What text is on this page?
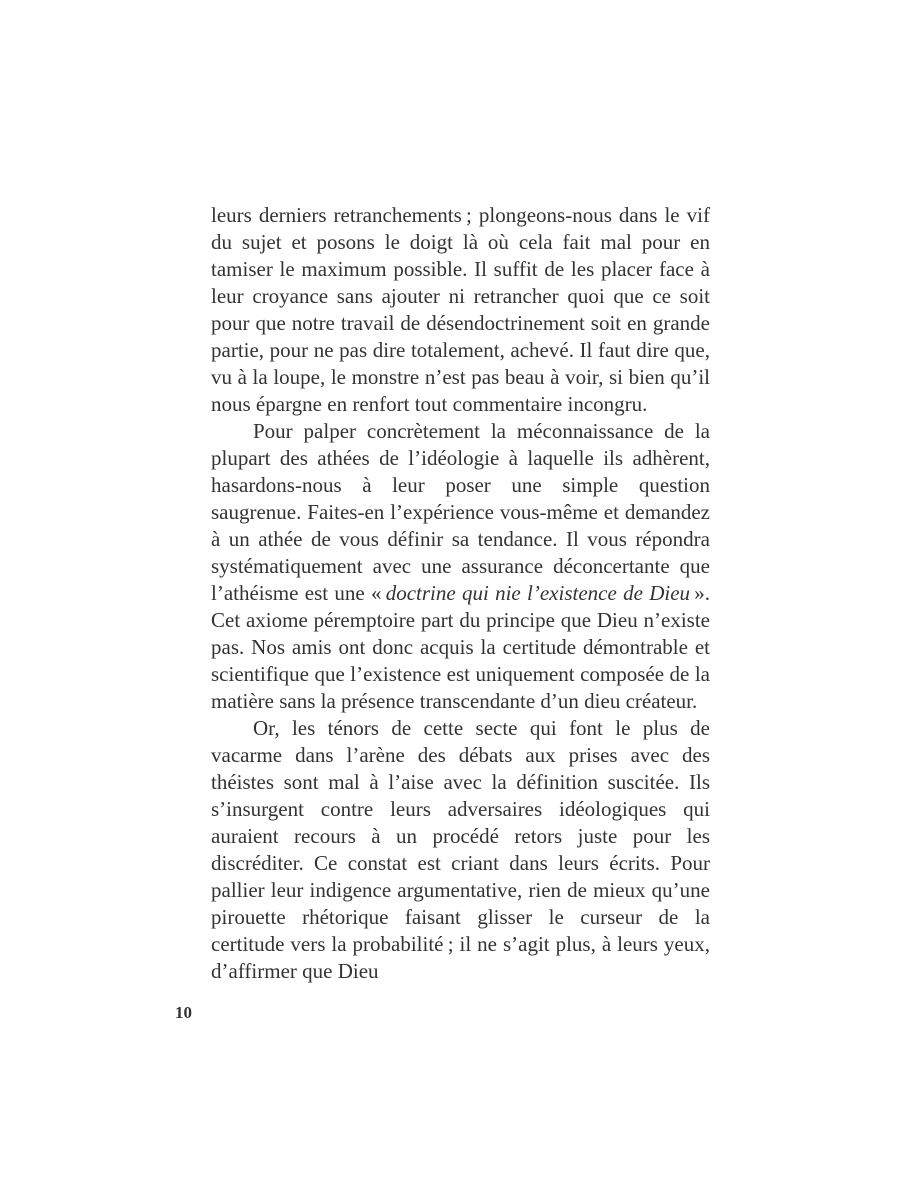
leurs derniers retranchements ; plongeons-nous dans le vif du sujet et posons le doigt là où cela fait mal pour en tamiser le maximum possible. Il suffit de les placer face à leur croyance sans ajouter ni retrancher quoi que ce soit pour que notre travail de désendoctrinement soit en grande partie, pour ne pas dire totalement, achevé. Il faut dire que, vu à la loupe, le monstre n’est pas beau à voir, si bien qu’il nous épargne en renfort tout commentaire incongru.

Pour palper concrètement la méconnaissance de la plupart des athées de l’idéologie à laquelle ils adhèrent, hasardons-nous à leur poser une simple question saugrenue. Faites-en l’expérience vous-même et demandez à un athée de vous définir sa tendance. Il vous répondra systématiquement avec une assurance déconcertante que l’athéisme est une « doctrine qui nie l’existence de Dieu ». Cet axiome péremptoire part du principe que Dieu n’existe pas. Nos amis ont donc acquis la certitude démontrable et scientifique que l’existence est uniquement composée de la matière sans la présence transcendante d’un dieu créateur.

Or, les ténors de cette secte qui font le plus de vacarme dans l’arène des débats aux prises avec des théistes sont mal à l’aise avec la définition suscitée. Ils s’insurgent contre leurs adversaires idéologiques qui auraient recours à un procédé retors juste pour les discréditer. Ce constat est criant dans leurs écrits. Pour pallier leur indigence argumentative, rien de mieux qu’une pirouette rhétorique faisant glisser le curseur de la certitude vers la probabilité ; il ne s’agit plus, à leurs yeux, d’affirmer que Dieu

10
